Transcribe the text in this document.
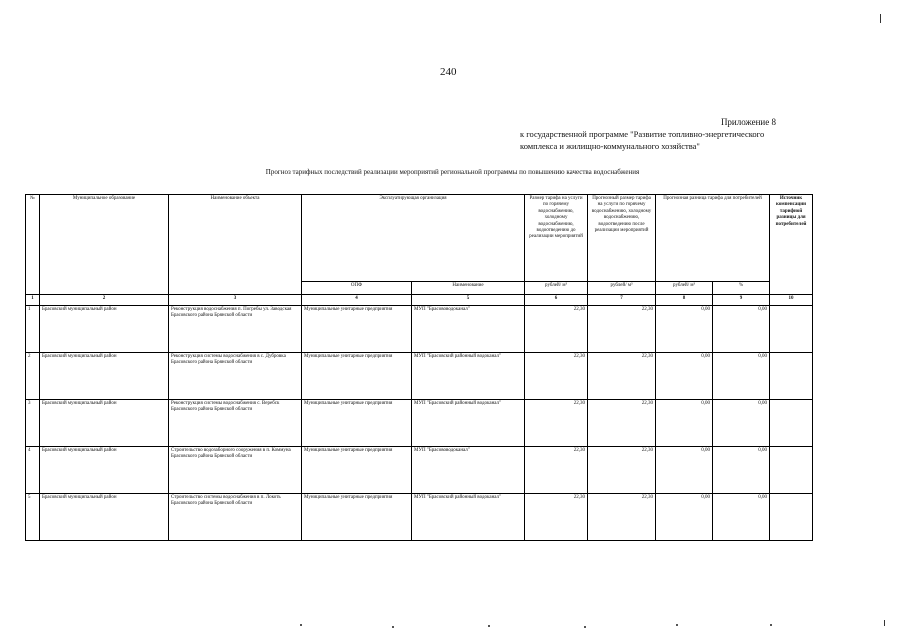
240
Приложение 8
к государственной программе "Развитие топливно-энергетического
комплекса и жилищно-коммунального хозяйства"
Прогноз тарифных последствий реализации мероприятий региональной программы по повышению качества водоснабжения
№	Муниципальное образование	Наименование объекта	Эксплуатирующая организация		Размер тарифа на услуги по горячему водоснабжению, холодному водоснабжению, водоотведению до реализации мероприятий	Прогнозный размер тарифа на услуги по горячему водоснабжению, холодному водоснабжению, водоотведению после реализации мероприятий	Прогнозная разница тарифа для потребителей		Источник компенсации тарифной разницы для потребителей
			ОПФ	Наименование	рублей/ м³	рублей/ м³	рублей/ м³	%	
1	2	3	4	5	6	7	8	9	10
1	Брасовский муниципальный район	Реконструкция водоснабжения п. Погребы ул. Заводская Брасовского района Брянской области	Муниципальные унитарные предприятия	МУП "Брасововодоканал"	22,30	22,30	0,00	0,00	
2	Брасовский муниципальный район	Реконструкция системы водоснабжения в с. Дубровка Брасовского района Брянской области	Муниципальные унитарные предприятия	МУП "Брасовский районный водоканал"	22,30	22,30	0,00	0,00	
3	Брасовский муниципальный район	Реконструкция системы водоснабжения с. Веребск Брасовского района Брянской области	Муниципальные унитарные предприятия	МУП "Брасовский районный водоканал"	22,30	22,30	0,00	0,00	
4	Брасовский муниципальный район	Строительство водозаборного сооружения в п. Коммуна Брасовского района Брянской области	Муниципальные унитарные предприятия	МУП "Брасововодоканал"	22,30	22,30	0,00	0,00	
5	Брасовский муниципальный район	Строительство системы водоснабжения в п. Локоть Брасовского района Брянской области	Муниципальные унитарные предприятия	МУП "Брасовский районный водоканал"	22,30	22,30	0,00	0,00	
